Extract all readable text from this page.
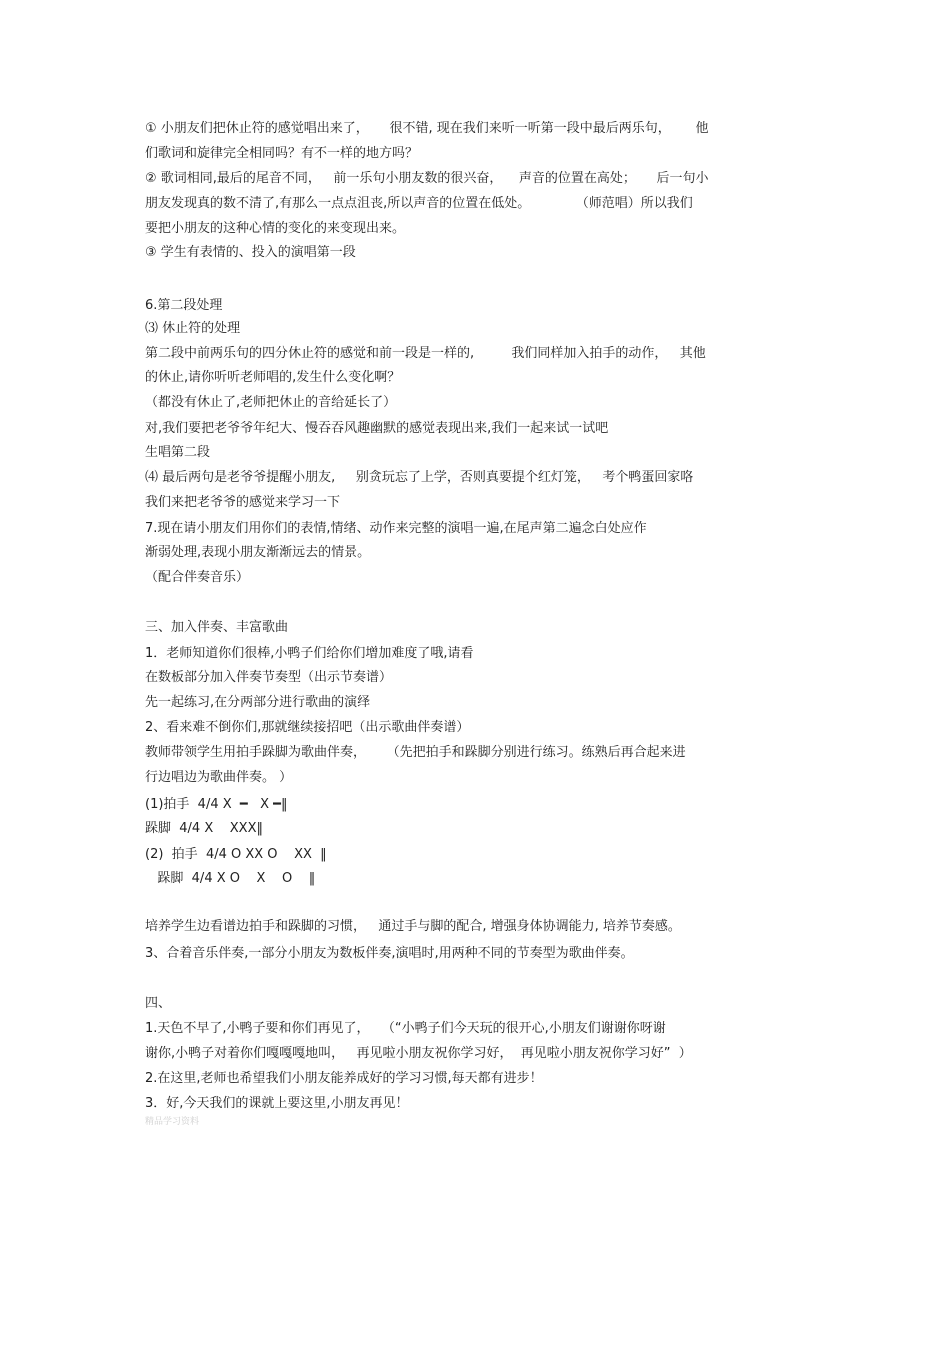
① 小朋友们把休止符的感觉唱出来了，     很不错, 现在我们来听一听第一段中最后两乐句，      他
们歌词和旋律完全相同吗？有不一样的地方吗？
② 歌词相同,最后的尾音不同，   前一乐句小朋友数的很兴奋，    声音的位置在高处；     后一句小
朋友发现真的数不清了,有那么一点点沮丧,所以声音的位置在低处。           （师范唱）所以我们
要把小朋友的这种心情的变化的来变现出来。
③ 学生有表情的、投入的演唱第一段
6.第二段处理
⑶ 休止符的处理
第二段中前两乐句的四分休止符的感觉和前一段是一样的,         我们同样加入拍手的动作，   其他
的休止,请你听听老师唱的,发生什么变化啊？
（都没有休止了,老师把休止的音给延长了）
对,我们要把老爷爷年纪大、慢吞吞风趣幽默的感觉表现出来,我们一起来试一试吧
生唱第二段
⑷ 最后两句是老爷爷提醒小朋友,     别贪玩忘了上学，否则真要提个红灯笼，   考个鸭蛋回家咯
我们来把老爷爷的感觉来学习一下
7.现在请小朋友们用你们的表情,情绪、动作来完整的演唱一遍,在尾声第二遍念白处应作
渐弱处理,表现小朋友渐渐远去的情景。
（配合伴奏音乐）
三、加入伴奏、丰富歌曲
1．老师知道你们很棒,小鸭子们给你们增加难度了哦,请看
在数板部分加入伴奏节奏型（出示节奏谱）
先一起练习,在分两部分进行歌曲的演绎
2、看来难不倒你们,那就继续接招吧（出示歌曲伴奏谱）
教师带领学生用拍手跺脚为歌曲伴奏，     （先把拍手和跺脚分别进行练习。练熟后再合起来进
行边唱边为歌曲伴奏。 ）
(1)拍手  4/4 X  ━   X ━‖
跺脚  4/4 X    XXX‖
(2)  拍手  4/4 O XX O    XX  ‖
跺脚  4/4 X O    X    O    ‖
培养学生边看谱边拍手和跺脚的习惯，   通过手与脚的配合, 增强身体协调能力, 培养节奏感。
3、合着音乐伴奏,一部分小朋友为数板伴奏,演唱时,用两种不同的节奏型为歌曲伴奏。
四、
1.天色不早了,小鸭子要和你们再见了，   （“小鸭子们今天玩的很开心,小朋友们谢谢你呀谢
谢你,小鸭子对着你们嘎嘎嘎地叫，   再见啦小朋友祝你学习好，  再见啦小朋友祝你学习好”  ）
2.在这里,老师也希望我们小朋友能养成好的学习习惯,每天都有进步！
3．好,今天我们的课就上要这里,小朋友再见！
精品学习资料
